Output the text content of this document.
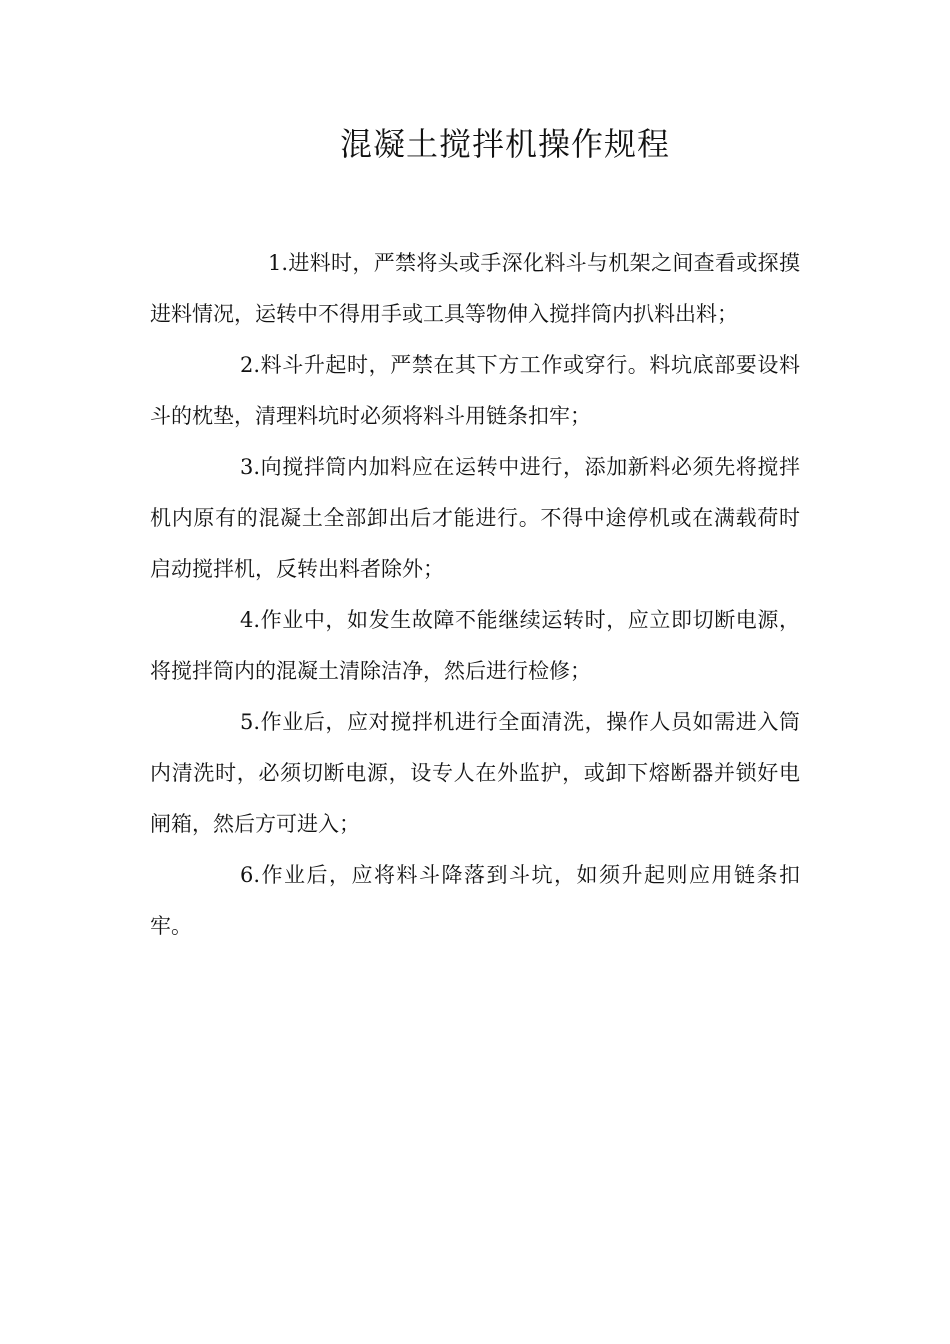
混凝土搅拌机操作规程

1.进料时，严禁将头或手深化料斗与机架之间查看或探摸进料情况，运转中不得用手或工具等物伸入搅拌筒内扒料出料；

2.料斗升起时，严禁在其下方工作或穿行。料坑底部要设料斗的枕垫，清理料坑时必须将料斗用链条扣牢；

3.向搅拌筒内加料应在运转中进行，添加新料必须先将搅拌机内原有的混凝土全部卸出后才能进行。不得中途停机或在满载荷时启动搅拌机，反转出料者除外；

4.作业中，如发生故障不能继续运转时，应立即切断电源，将搅拌筒内的混凝土清除洁净，然后进行检修；

5.作业后，应对搅拌机进行全面清洗，操作人员如需进入筒内清洗时，必须切断电源，设专人在外监护，或卸下熔断器并锁好电闸箱，然后方可进入；

6.作业后，应将料斗降落到斗坑，如须升起则应用链条扣牢。
